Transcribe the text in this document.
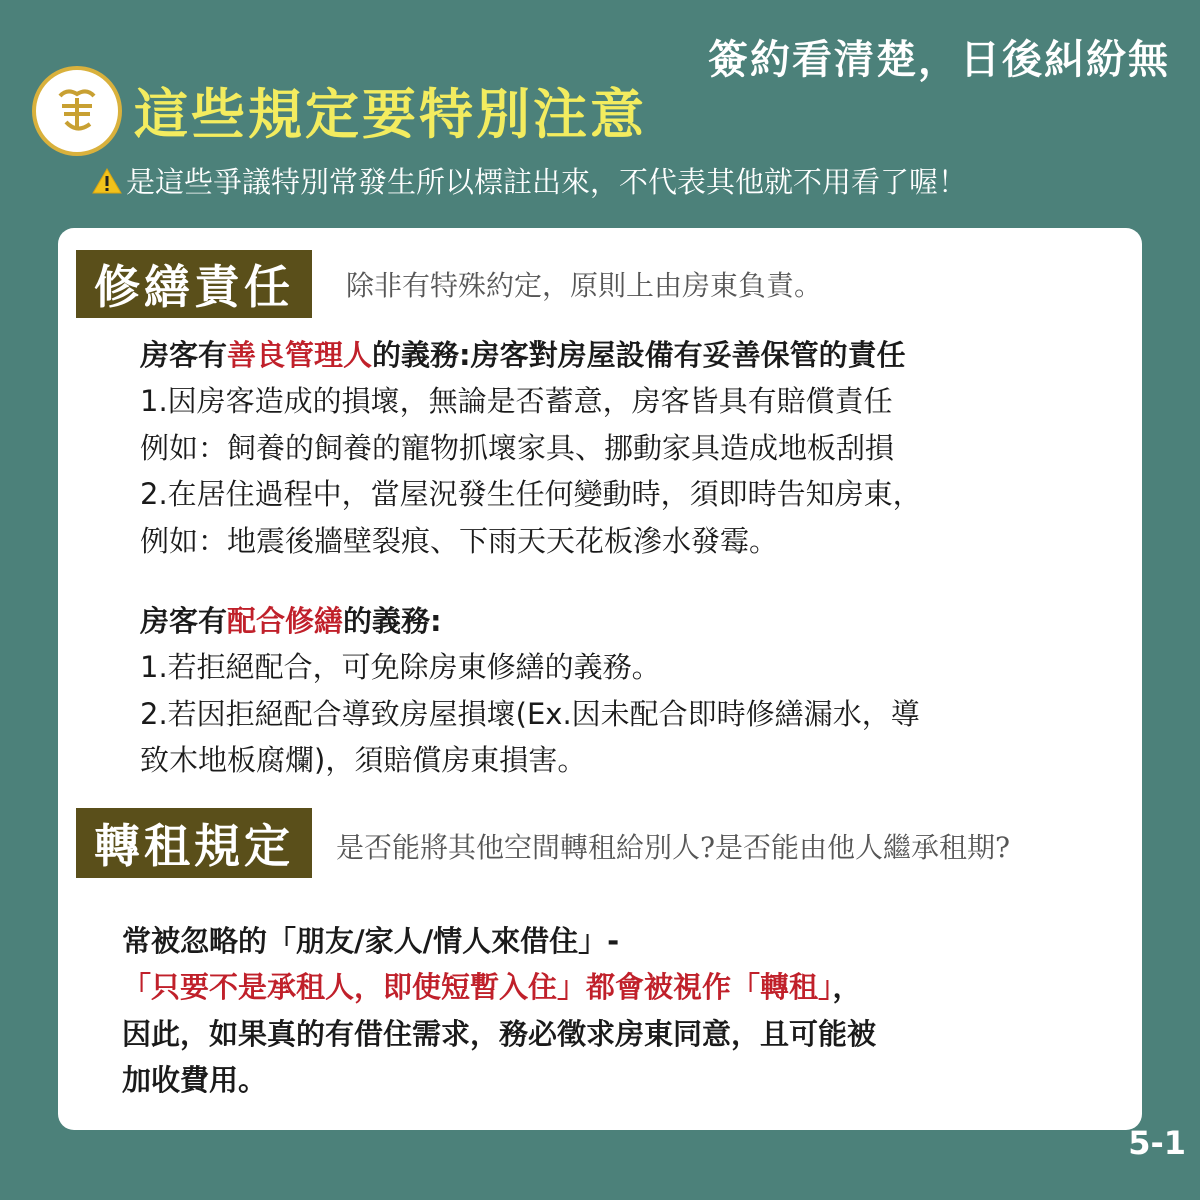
簽約看清楚，日後糾紛無
這些規定要特別注意
是這些爭議特別常發生所以標註出來，不代表其他就不用看了喔！
修繕責任	除非有特殊約定，原則上由房東負責。
房客有善良管理人的義務:房客對房屋設備有妥善保管的責任
1.因房客造成的損壞，無論是否蓄意，房客皆具有賠償責任
例如：飼養的飼養的寵物抓壞家具、挪動家具造成地板刮損
2.在居住過程中，當屋況發生任何變動時，須即時告知房東，
例如：地震後牆壁裂痕、下雨天天花板滲水發霉。
房客有配合修繕的義務:
1.若拒絕配合，可免除房東修繕的義務。
2.若因拒絕配合導致房屋損壞(Ex.因未配合即時修繕漏水，導
致木地板腐爛)，須賠償房東損害。
轉租規定	是否能將其他空間轉租給別人?是否能由他人繼承租期?
常被忽略的「朋友/家人/情人來借住」-
「只要不是承租人，即使短暫入住」都會被視作「轉租」，
因此，如果真的有借住需求，務必徵求房東同意，且可能被
加收費用。
5-1
